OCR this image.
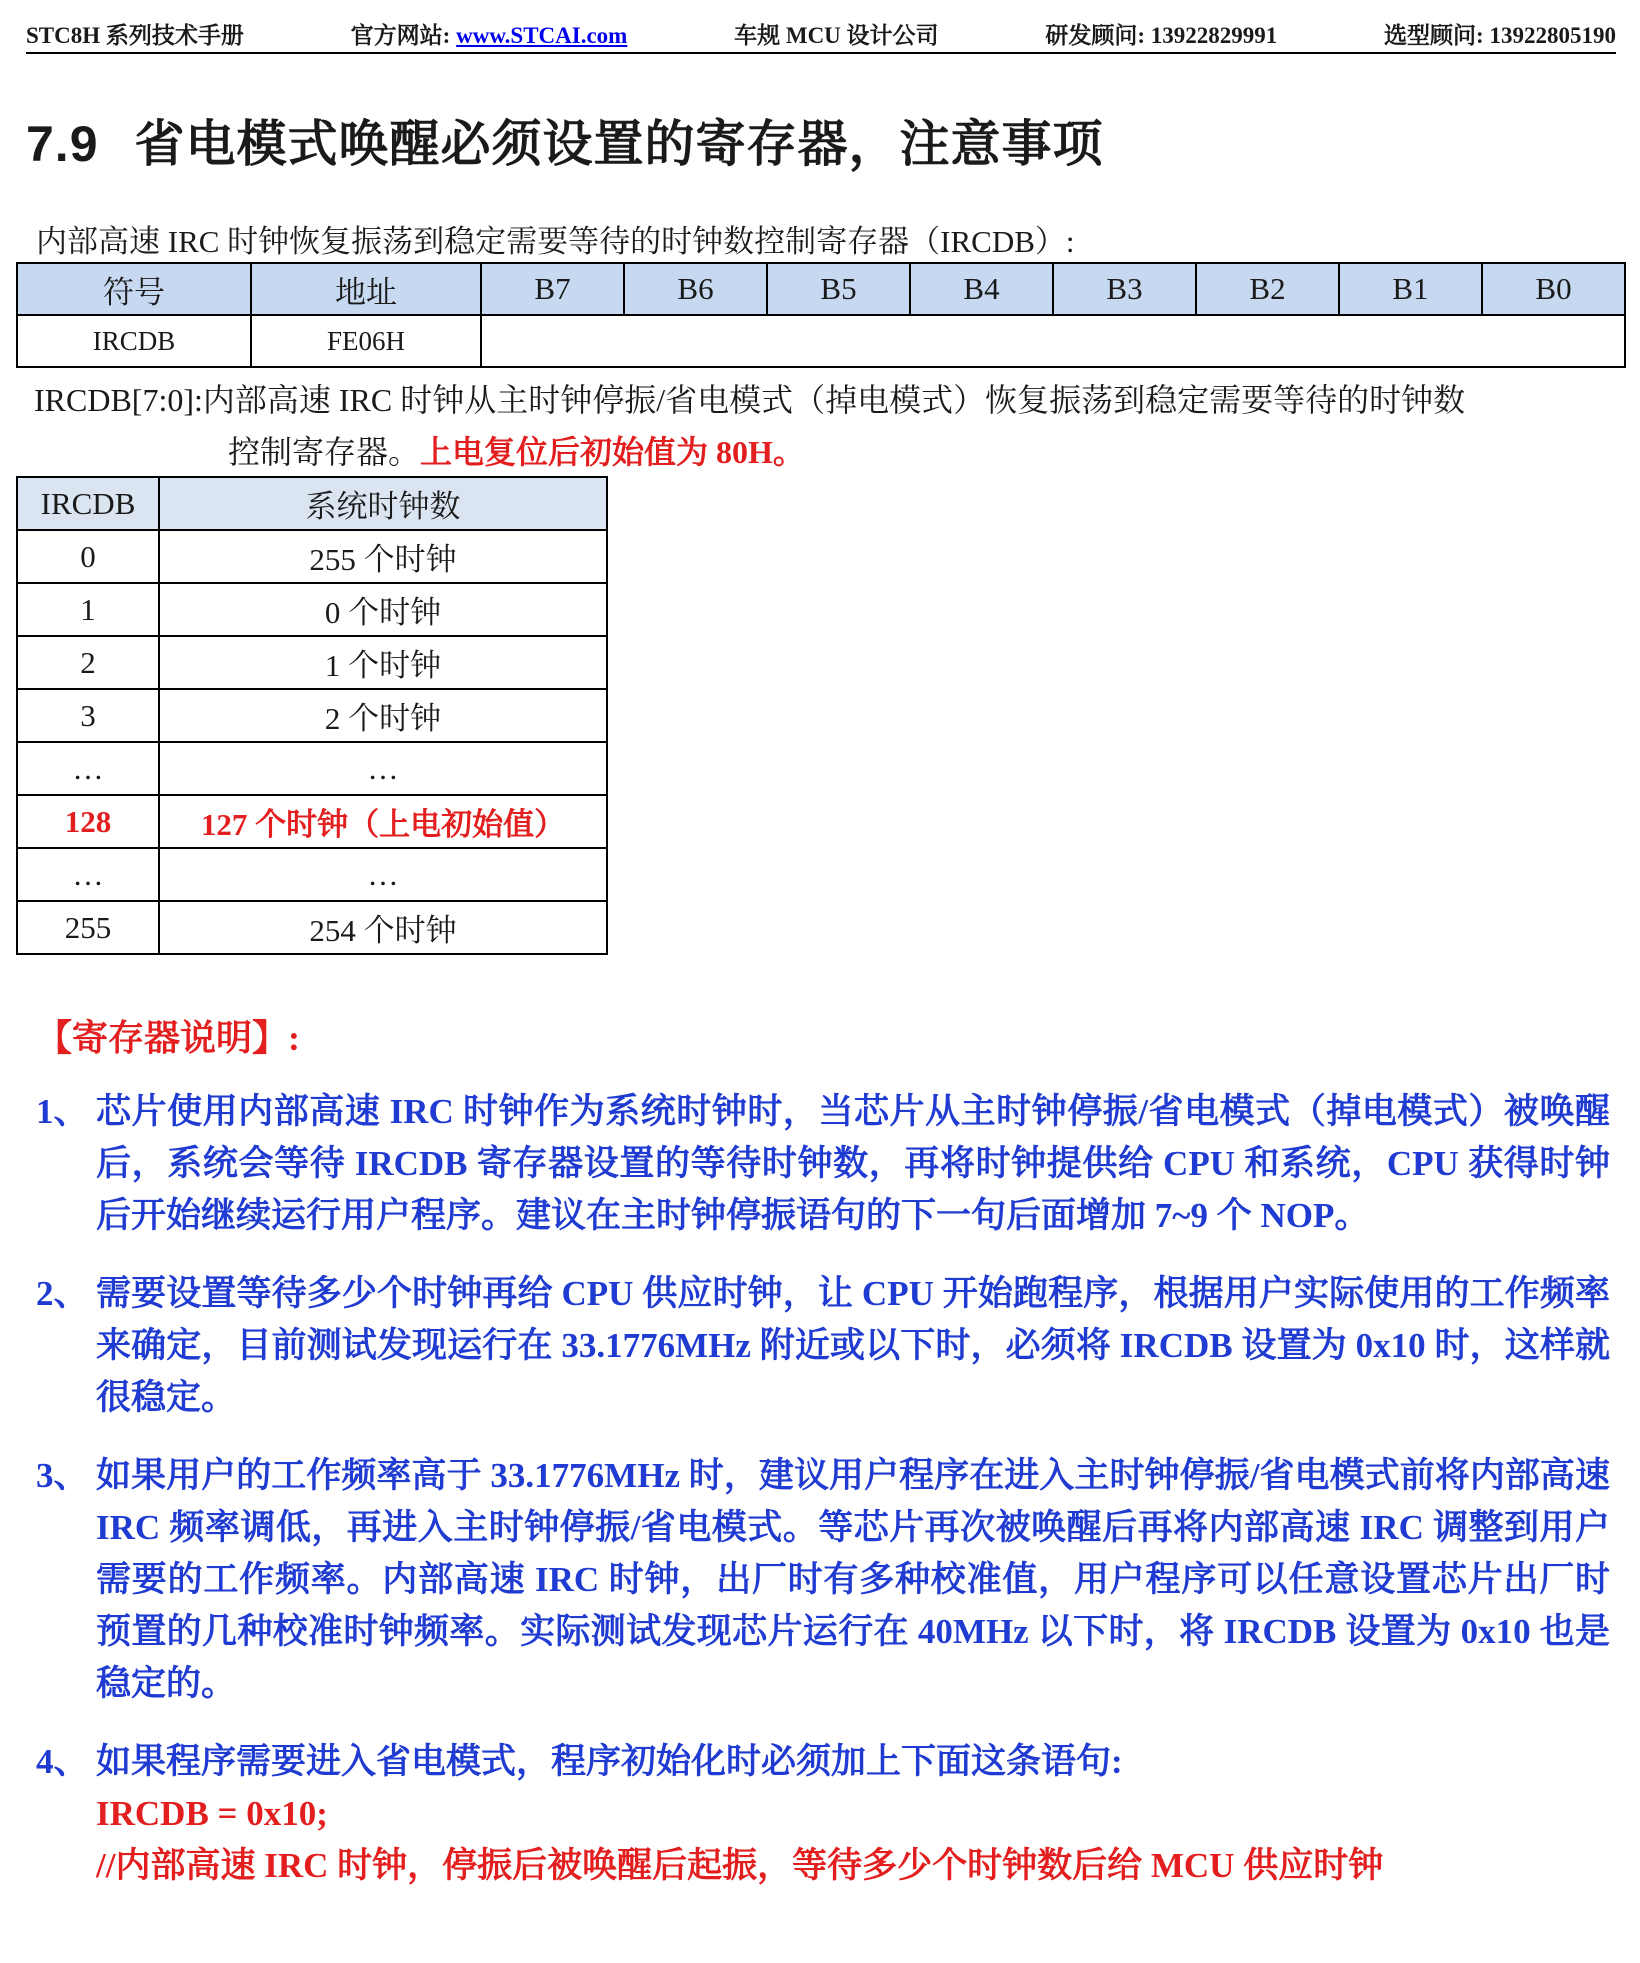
STC8H 系列技术手册	官方网站: www.STCAI.com	车规 MCU 设计公司	研发顾问: 13922829991	选型顾问: 13922805190
7.9 省电模式唤醒必须设置的寄存器，注意事项
内部高速 IRC 时钟恢复振荡到稳定需要等待的时钟数控制寄存器（IRCDB）:
符号	地址	B7	B6	B5	B4	B3	B2	B1	B0
IRCDB	FE06H								
IRCDB[7:0]:内部高速 IRC 时钟从主时钟停振/省电模式（掉电模式）恢复振荡到稳定需要等待的时钟数
控制寄存器。上电复位后初始值为 80H。
IRCDB	系统时钟数
0	255 个时钟
1	0 个时钟
2	1 个时钟
3	2 个时钟
…	…
128	127 个时钟（上电初始值）
…	…
255	254 个时钟
【寄存器说明】:
1、 芯片使用内部高速 IRC 时钟作为系统时钟时，当芯片从主时钟停振/省电模式（掉电模式）被唤醒后，系统会等待 IRCDB 寄存器设置的等待时钟数，再将时钟提供给 CPU 和系统，CPU 获得时钟后开始继续运行用户程序。建议在主时钟停振语句的下一句后面增加 7~9 个 NOP。
2、 需要设置等待多少个时钟再给 CPU 供应时钟，让 CPU 开始跑程序，根据用户实际使用的工作频率来确定，目前测试发现运行在 33.1776MHz 附近或以下时，必须将 IRCDB 设置为 0x10 时，这样就很稳定。
3、 如果用户的工作频率高于 33.1776MHz 时，建议用户程序在进入主时钟停振/省电模式前将内部高速 IRC 频率调低，再进入主时钟停振/省电模式。等芯片再次被唤醒后再将内部高速 IRC 调整到用户需要的工作频率。内部高速 IRC 时钟，出厂时有多种校准值，用户程序可以任意设置芯片出厂时预置的几种校准时钟频率。实际测试发现芯片运行在 40MHz 以下时，将 IRCDB 设置为 0x10 也是稳定的。
4、 如果程序需要进入省电模式，程序初始化时必须加上下面这条语句:
IRCDB = 0x10;
//内部高速 IRC 时钟，停振后被唤醒后起振，等待多少个时钟数后给 MCU 供应时钟
